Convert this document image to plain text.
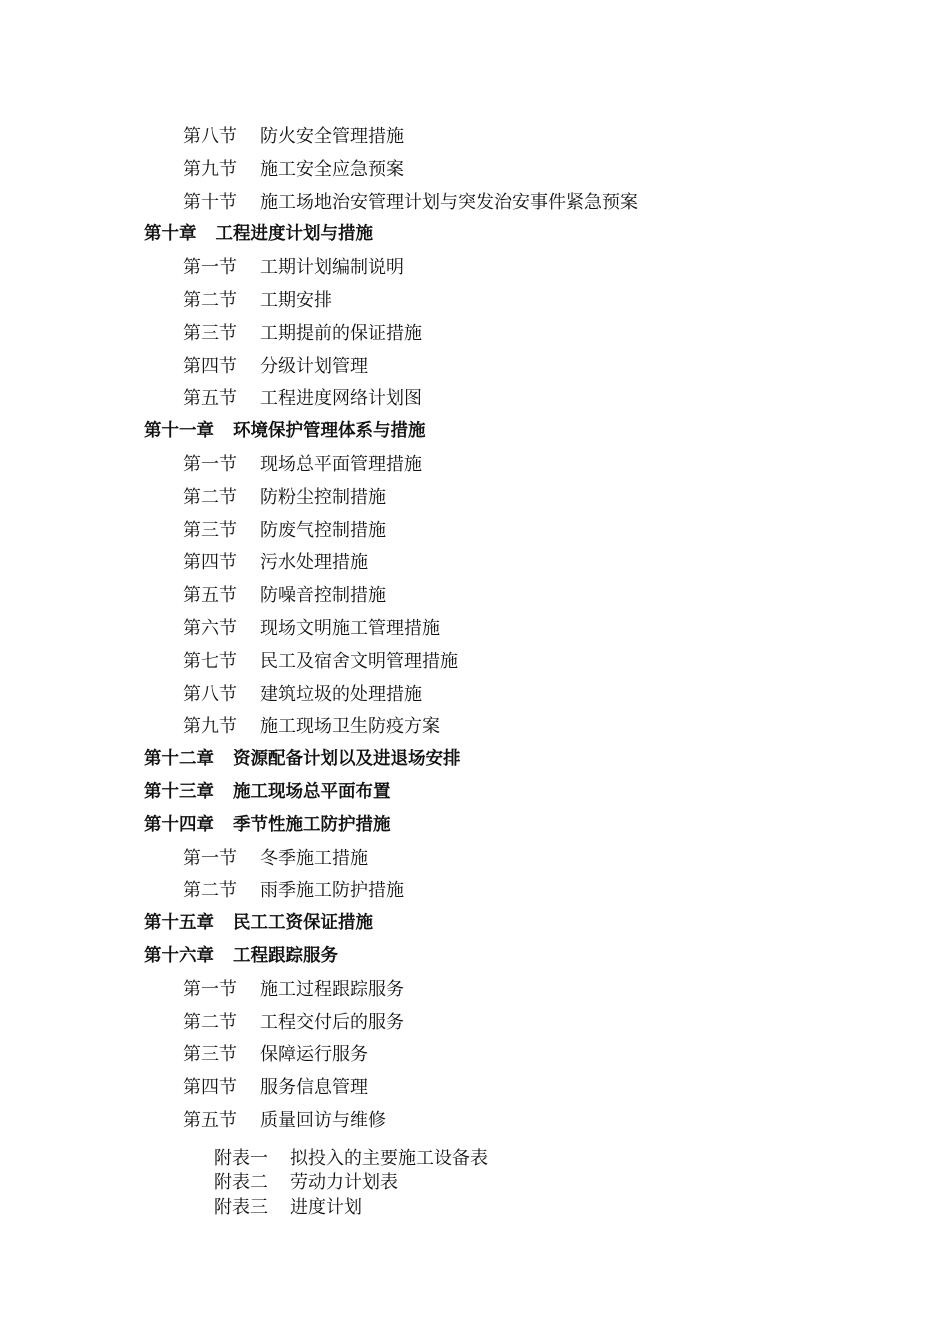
第八节 防火安全管理措施
第九节 施工安全应急预案
第十节 施工场地治安管理计划与突发治安事件紧急预案
第十章 工程进度计划与措施
第一节 工期计划编制说明
第二节 工期安排
第三节 工期提前的保证措施
第四节 分级计划管理
第五节 工程进度网络计划图
第十一章 环境保护管理体系与措施
第一节 现场总平面管理措施
第二节 防粉尘控制措施
第三节 防废气控制措施
第四节 污水处理措施
第五节 防噪音控制措施
第六节 现场文明施工管理措施
第七节 民工及宿舍文明管理措施
第八节 建筑垃圾的处理措施
第九节 施工现场卫生防疫方案
第十二章 资源配备计划以及进退场安排
第十三章 施工现场总平面布置
第十四章 季节性施工防护措施
第一节 冬季施工措施
第二节 雨季施工防护措施
第十五章 民工工资保证措施
第十六章 工程跟踪服务
第一节 施工过程跟踪服务
第二节 工程交付后的服务
第三节 保障运行服务
第四节 服务信息管理
第五节 质量回访与维修
附表一 拟投入的主要施工设备表
附表二 劳动力计划表
附表三 进度计划
